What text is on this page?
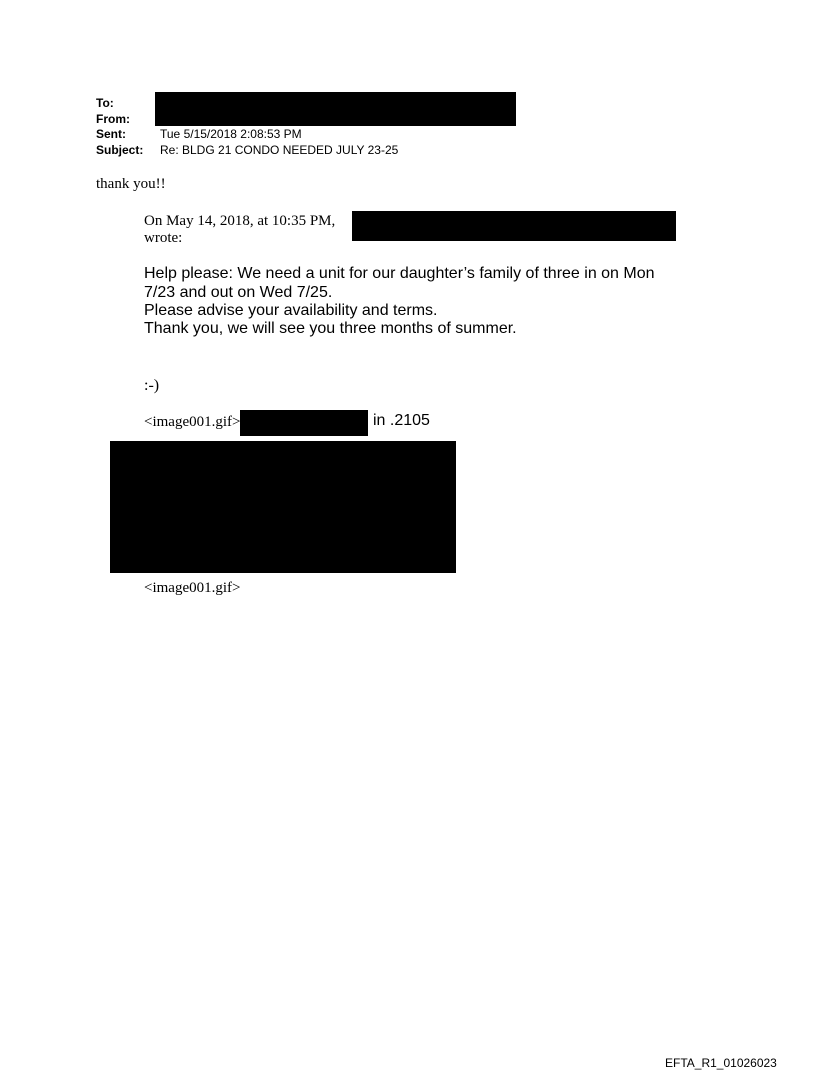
To:
From:
Sent:	Tue 5/15/2018 2:08:53 PM
Subject: Re: BLDG 21 CONDO NEEDED JULY 23-25
thank you!!
On May 14, 2018, at 10:35 PM,
wrote:
Help please: We need a unit for our daughter’s family of three in on Mon
7/23 and out on Wed 7/25.
Please advise your availability and terms.
Thank you, we will see you three months of summer.
:-)
<image001.gif>	in .2105
<image001.gif>
EFTA_R1_01026023
